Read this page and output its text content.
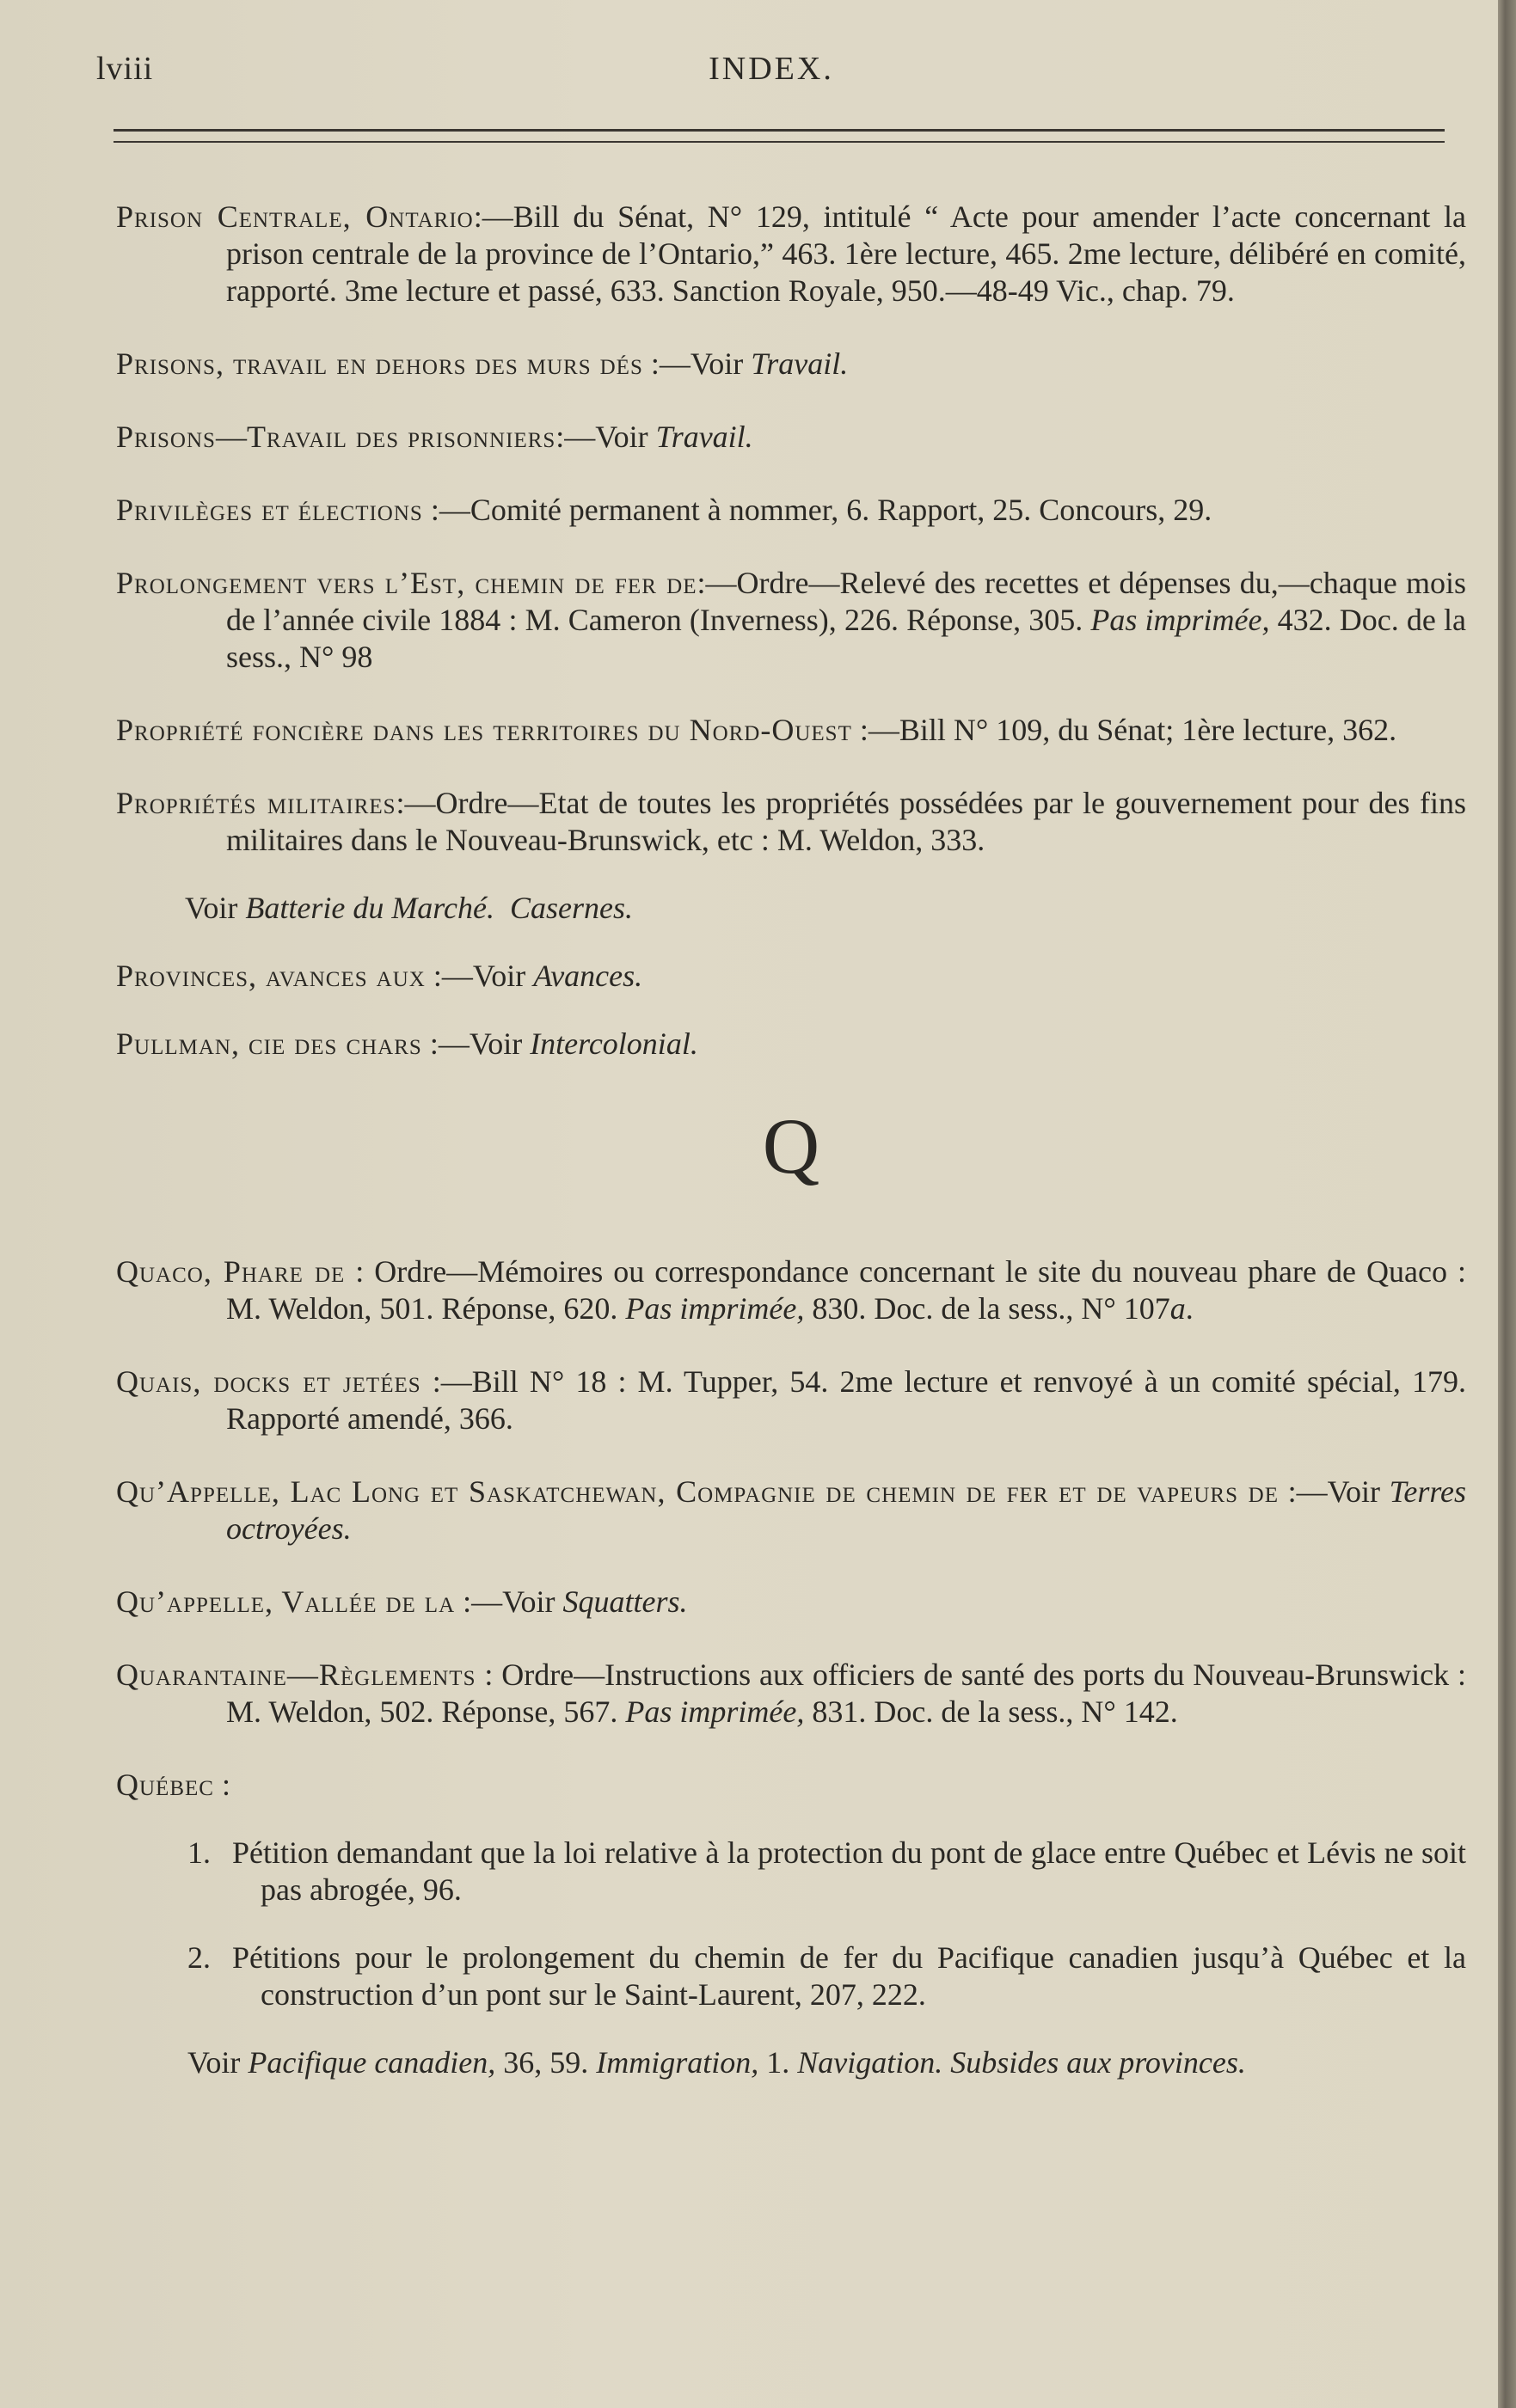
lviii	INDEX.

Prison Centrale, Ontario:—Bill du Sénat, N° 129, intitulé “ Acte pour amender l’acte concernant la prison centrale de la province de l’Ontario,” 463. 1ère lecture, 465. 2me lecture, délibéré en comité, rapporté. 3me lecture et passé, 633. Sanction Royale, 950.—48-49 Vic., chap. 79.

Prisons, travail en dehors des murs dés :—Voir Travail.

Prisons—Travail des prisonniers:—Voir Travail.

Privilèges et élections :—Comité permanent à nommer, 6. Rapport, 25. Concours, 29.

Prolongement vers l’Est, chemin de fer de:—Ordre—Relevé des recettes et dépenses du,—chaque mois de l’année civile 1884 : M. Cameron (Inverness), 226. Réponse, 305. Pas imprimée, 432. Doc. de la sess., N° 98

Propriété foncière dans les territoires du Nord-Ouest :—Bill N° 109, du Sénat; 1ère lecture, 362.

Propriétés militaires:—Ordre—Etat de toutes les propriétés possédées par le gouvernement pour des fins militaires dans le Nouveau-Brunswick, etc : M. Weldon, 333.

Voir Batterie du Marché. Casernes.

Provinces, avances aux :—Voir Avances.

Pullman, cie des chars :—Voir Intercolonial.

Q

Quaco, Phare de : Ordre—Mémoires ou correspondance concernant le site du nouveau phare de Quaco : M. Weldon, 501. Réponse, 620. Pas imprimée, 830. Doc. de la sess., N° 107a.

Quais, docks et jetées :—Bill N° 18 : M. Tupper, 54. 2me lecture et renvoyé à un comité spécial, 179. Rapporté amendé, 366.

Qu’Appelle, Lac Long et Saskatchewan, Compagnie de chemin de fer et de vapeurs de :—Voir Terres octroyées.

Qu’appelle, Vallée de la :—Voir Squatters.

Quarantaine—Règlements : Ordre—Instructions aux officiers de santé des ports du Nouveau-Brunswick : M. Weldon, 502. Réponse, 567. Pas imprimée, 831. Doc. de la sess., N° 142.

Québec :

1. Pétition demandant que la loi relative à la protection du pont de glace entre Québec et Lévis ne soit pas abrogée, 96.

2. Pétitions pour le prolongement du chemin de fer du Pacifique canadien jusqu’à Québec et la construction d’un pont sur le Saint-Laurent, 207, 222.

Voir Pacifique canadien, 36, 59. Immigration, 1. Navigation. Subsides aux provinces.
